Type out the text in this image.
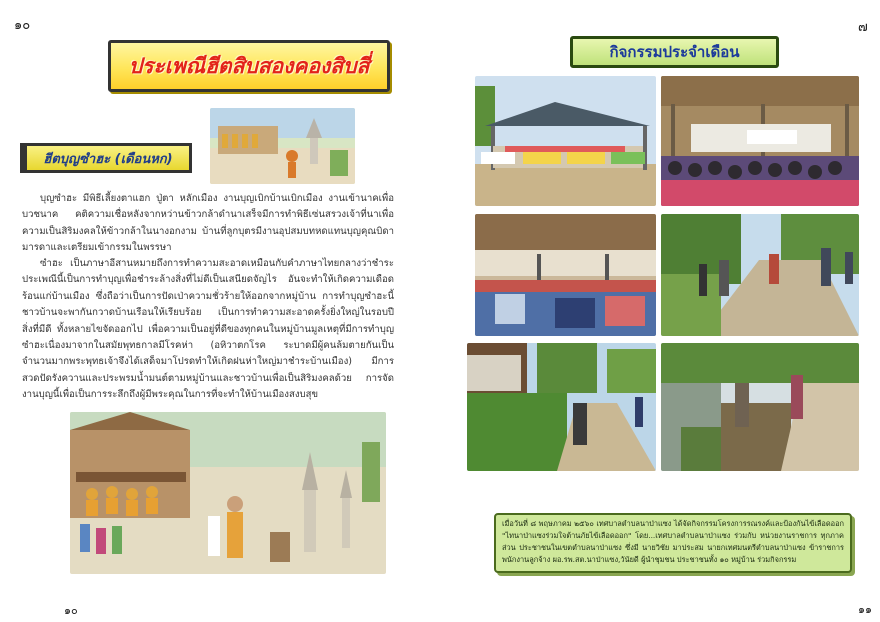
๑๐
ประเพณีฮีตสิบสองคองสิบสี่
ฮีตบุญซำฮะ (เดือนหก)

บุญซำฮะ มีพิธีเลี้ยงตาแฮก ปู่ตา หลักเมือง งานบุญเบิกบ้านเบิกเมือง งานเข้านาคเพื่อบวชนาค คติความเชื่อหลังจากหว่านข้าวกล้าดำนาเสร็จมีการทำพิธีเซ่นสรวงเจ้าที่นาเพื่อความเป็นสิริมงคลให้ข้าวกล้าในนางอกงาม บ้านที่ลูกบุตรมีงานอุปสมบทหดแทนบุญคุณบิดามารดาและเตรียมเข้ากรรมในพรรษา

ซำฮะ เป็นภาษาอีสานหมายถึงการทำความสะอาดเหมือนกับคำภาษาไทยกลางว่าชำระประเพณีนี้เป็นการทำบุญเพื่อชำระล้างสิ่งที่ไม่ดีเป็นเสนียดจัญไร อันจะทำให้เกิดความเดือดร้อนแก่บ้านเมือง ซึ่งถือว่าเป็นการปัดเป่าความชั่วร้ายให้ออกจากหมู่บ้าน การทำบุญซำฮะนี้ชาวบ้านจะพากันกวาดบ้านเรือนให้เรียบร้อย เป็นการทำความสะอาดครั้งยิ่งใหญ่ในรอบปี สิ่งที่มีดี ทั้งหลายไขจัดออกไป เพื่อความเป็นอยู่ที่ดีของทุกคนในหมู่บ้านมูลเหตุที่มีการทำบุญซำฮะเนื่องมาจากในสมัยพุทธกาลมีโรคห่า (อหิวาตกโรค ระบาดมีผู้คนล้มตายกันเป็นจำนวนมากพระพุทธเจ้าจึงได้เสด็จมาโปรดทำให้เกิดฝนห่าใหญ่มาชำระบ้านเมือง) มีการสวดปัดรังควานและประพรมน้ำมนต์ตามหมู่บ้านและชาวบ้านเพื่อเป็นสิริมงคลด้วย การจัดงานบุญนี้เพื่อเป็นการระลึกถึงผู้มีพระคุณในการที่จะทำให้บ้านเมืองสงบสุข

๑๐
๗
กิจกรรมประจำเดือน
เมื่อวันที่ ๘ พฤษภาคม ๒๕๖๐ เทศบาลตำบลนาป่าแซง ได้จัดกิจกรรมโครงการรณรงค์และป้องกันไข้เลือดออก "ไทนาป่าแซงร่วมใจต้านภัยไข้เลือดออก" โดย...เทศบาลตำบลนาป่าแซง ร่วมกับ หน่วยงานราชการ ทุกภาคส่วน ประชาชนในเขตตำบลนาป่าแซง ซึ่งมี นายวิชัย มาประสม นายกเทศมนตรีตำบลนาป่าแซง ข้าราชการ พนักงานลูกจ้าง ผอ.รพ.สต.นาป่าแซง,วันัยดี ผู้นำชุมชน ประชาชนทั้ง ๑๐ หมู่บ้าน ร่วมกิจกรรม
๑๑
